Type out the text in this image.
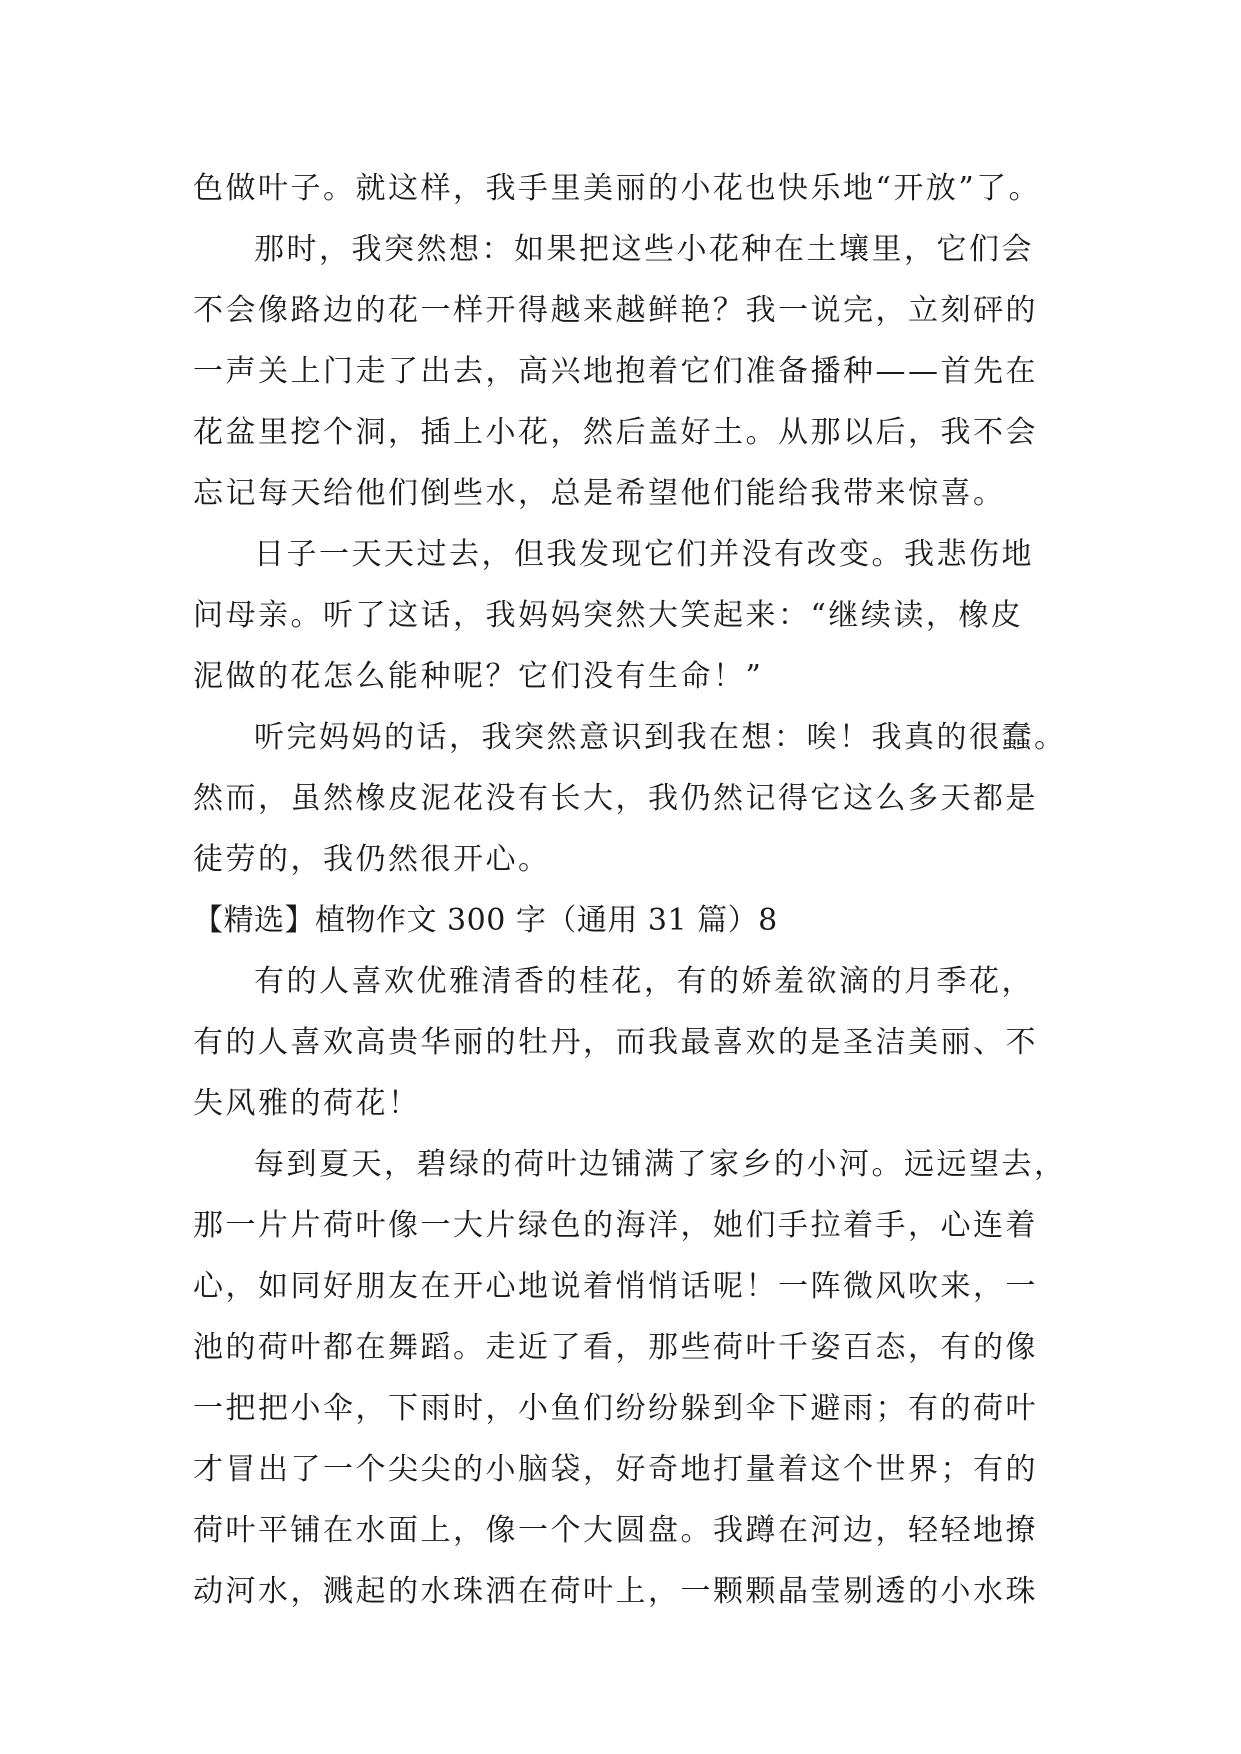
色做叶子。就这样，我手里美丽的小花也快乐地“开放”了。
那时，我突然想：如果把这些小花种在土壤里，它们会
不会像路边的花一样开得越来越鲜艳？我一说完，立刻砰的
一声关上门走了出去，高兴地抱着它们准备播种——首先在
花盆里挖个洞，插上小花，然后盖好土。从那以后，我不会
忘记每天给他们倒些水，总是希望他们能给我带来惊喜。
日子一天天过去，但我发现它们并没有改变。我悲伤地
问母亲。听了这话，我妈妈突然大笑起来：“继续读，橡皮
泥做的花怎么能种呢？它们没有生命！”
听完妈妈的话，我突然意识到我在想：唉！我真的很蠢。
然而，虽然橡皮泥花没有长大，我仍然记得它这么多天都是
徒劳的，我仍然很开心。
【精选】植物作文 300 字（通用 31 篇）8
有的人喜欢优雅清香的桂花，有的娇羞欲滴的月季花，
有的人喜欢高贵华丽的牡丹，而我最喜欢的是圣洁美丽、不
失风雅的荷花！
每到夏天，碧绿的荷叶边铺满了家乡的小河。远远望去，
那一片片荷叶像一大片绿色的海洋，她们手拉着手，心连着
心，如同好朋友在开心地说着悄悄话呢！一阵微风吹来，一
池的荷叶都在舞蹈。走近了看，那些荷叶千姿百态，有的像
一把把小伞，下雨时，小鱼们纷纷躲到伞下避雨；有的荷叶
才冒出了一个尖尖的小脑袋，好奇地打量着这个世界；有的
荷叶平铺在水面上，像一个大圆盘。我蹲在河边，轻轻地撩
动河水，溅起的水珠洒在荷叶上，一颗颗晶莹剔透的小水珠
